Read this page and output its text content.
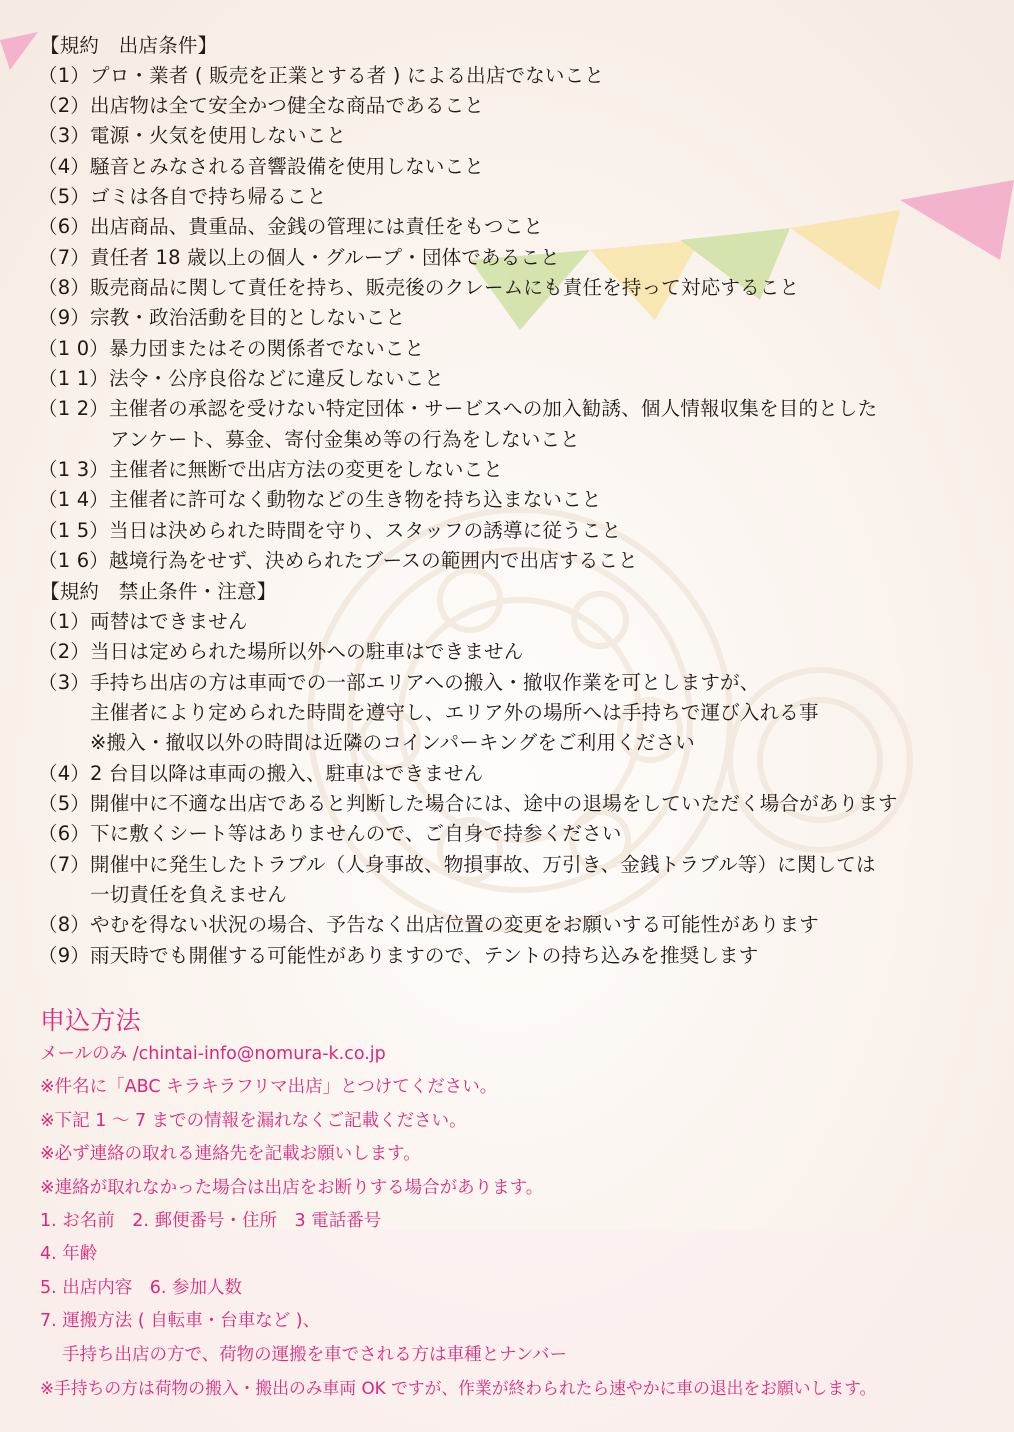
【規約　出店条件】
（1）プロ・業者 ( 販売を正業とする者 ) による出店でないこと
（2）出店物は全て安全かつ健全な商品であること
（3）電源・火気を使用しないこと
（4）騒音とみなされる音響設備を使用しないこと
（5）ゴミは各自で持ち帰ること
（6）出店商品、貴重品、金銭の管理には責任をもつこと
（7）責任者 18 歳以上の個人・グループ・団体であること
（8）販売商品に関して責任を持ち、販売後のクレームにも責任を持って対応すること
（9）宗教・政治活動を目的としないこと
（1 0）暴力団またはその関係者でないこと
（1 1）法令・公序良俗などに違反しないこと
（1 2）主催者の承認を受けない特定団体・サービスへの加入勧誘、個人情報収集を目的とした
アンケート、募金、寄付金集め等の行為をしないこと
（1 3）主催者に無断で出店方法の変更をしないこと
（1 4）主催者に許可なく動物などの生き物を持ち込まないこと
（1 5）当日は決められた時間を守り、スタッフの誘導に従うこと
（1 6）越境行為をせず、決められたブースの範囲内で出店すること
【規約　禁止条件・注意】
（1）両替はできません
（2）当日は定められた場所以外への駐車はできません
（3）手持ち出店の方は車両での一部エリアへの搬入・撤収作業を可としますが、
主催者により定められた時間を遵守し、エリア外の場所へは手持ちで運び入れる事
※搬入・撤収以外の時間は近隣のコインパーキングをご利用ください
（4）2 台目以降は車両の搬入、駐車はできません
（5）開催中に不適な出店であると判断した場合には、途中の退場をしていただく場合があります
（6）下に敷くシート等はありませんので、ご自身で持参ください
（7）開催中に発生したトラブル（人身事故、物損事故、万引き、金銭トラブル等）に関しては
一切責任を負えません
（8）やむを得ない状況の場合、予告なく出店位置の変更をお願いする可能性があります
（9）雨天時でも開催する可能性がありますので、テントの持ち込みを推奨します
申込方法
メールのみ /chintai-info@nomura-k.co.jp
※件名に「ABC キラキラフリマ出店」とつけてください。
※下記 1 〜 7 までの情報を漏れなくご記載ください。
※必ず連絡の取れる連絡先を記載お願いします。
※連絡が取れなかった場合は出店をお断りする場合があります。
1. お名前　2. 郵便番号・住所　3 電話番号
4. 年齢
5. 出店内容　6. 参加人数
7. 運搬方法 ( 自転車・台車など )、
手持ち出店の方で、荷物の運搬を車でされる方は車種とナンバー
※手持ちの方は荷物の搬入・搬出のみ車両 OK ですが、作業が終わられたら速やかに車の退出をお願いします。
